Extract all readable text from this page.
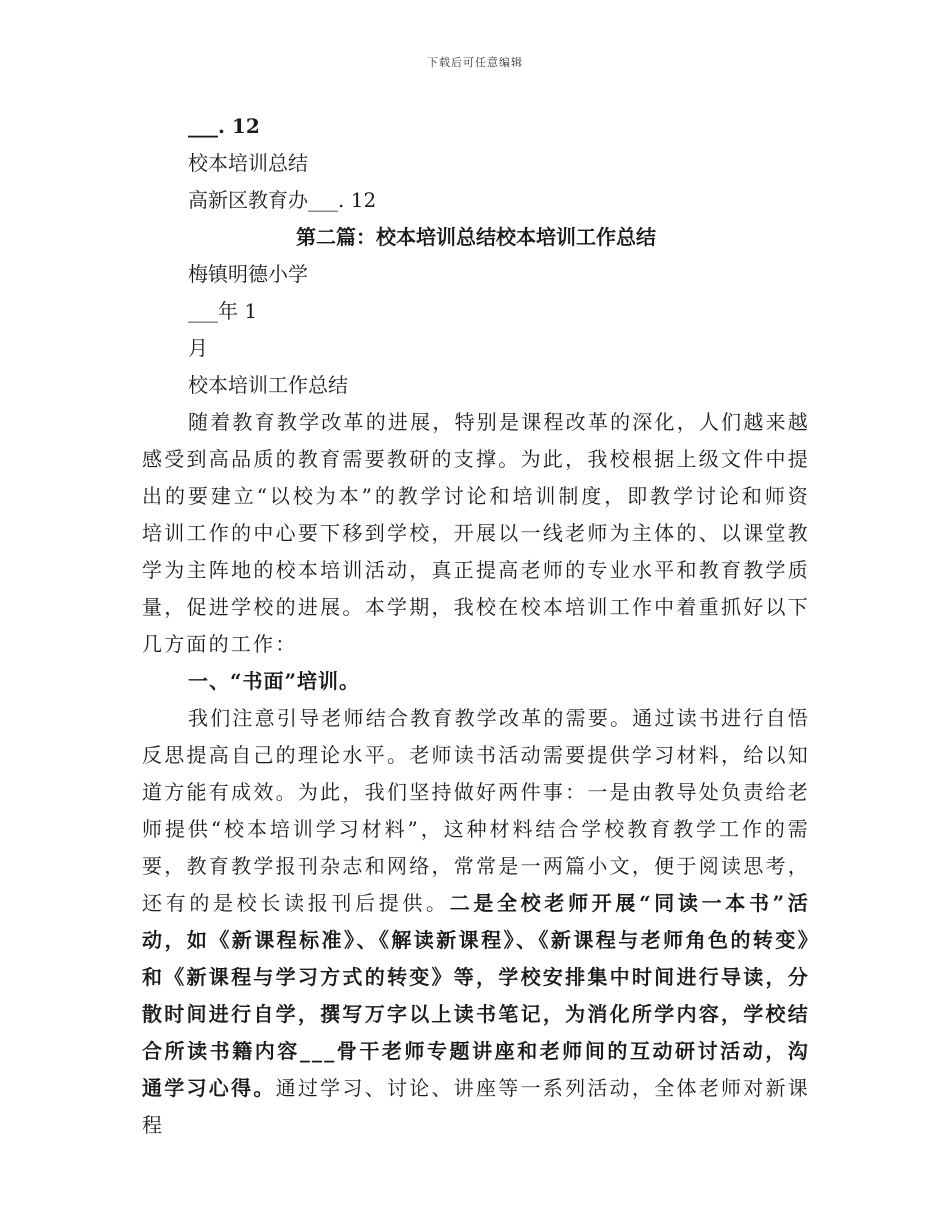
下载后可任意编辑
___. 12
校本培训总结
高新区教育办___. 12
第二篇：校本培训总结校本培训工作总结
梅镇明德小学
___年 1
月
校本培训工作总结

随着教育教学改革的进展，特别是课程改革的深化，人们越来越感受到高品质的教育需要教研的支撑。为此，我校根据上级文件中提出的要建立“以校为本”的教学讨论和培训制度，即教学讨论和师资培训工作的中心要下移到学校，开展以一线老师为主体的、以课堂教学为主阵地的校本培训活动，真正提高老师的专业水平和教育教学质量，促进学校的进展。本学期，我校在校本培训工作中着重抓好以下几方面的工作：

一、“书面”培训。

我们注意引导老师结合教育教学改革的需要。通过读书进行自悟反思提高自己的理论水平。老师读书活动需要提供学习材料，给以知道方能有成效。为此，我们坚持做好两件事：一是由教导处负责给老师提供“校本培训学习材料”，这种材料结合学校教育教学工作的需要，教育教学报刊杂志和网络，常常是一两篇小文，便于阅读思考，还有的是校长读报刊后提供。二是全校老师开展“同读一本书”活动，如《新课程标准》、《解读新课程》、《新课程与老师角色的转变》和《新课程与学习方式的转变》等，学校安排集中时间进行导读，分散时间进行自学，撰写万字以上读书笔记，为消化所学内容，学校结合所读书籍内容___骨干老师专题讲座和老师间的互动研讨活动，沟通学习心得。通过学习、讨论、讲座等一系列活动，全体老师对新课程
